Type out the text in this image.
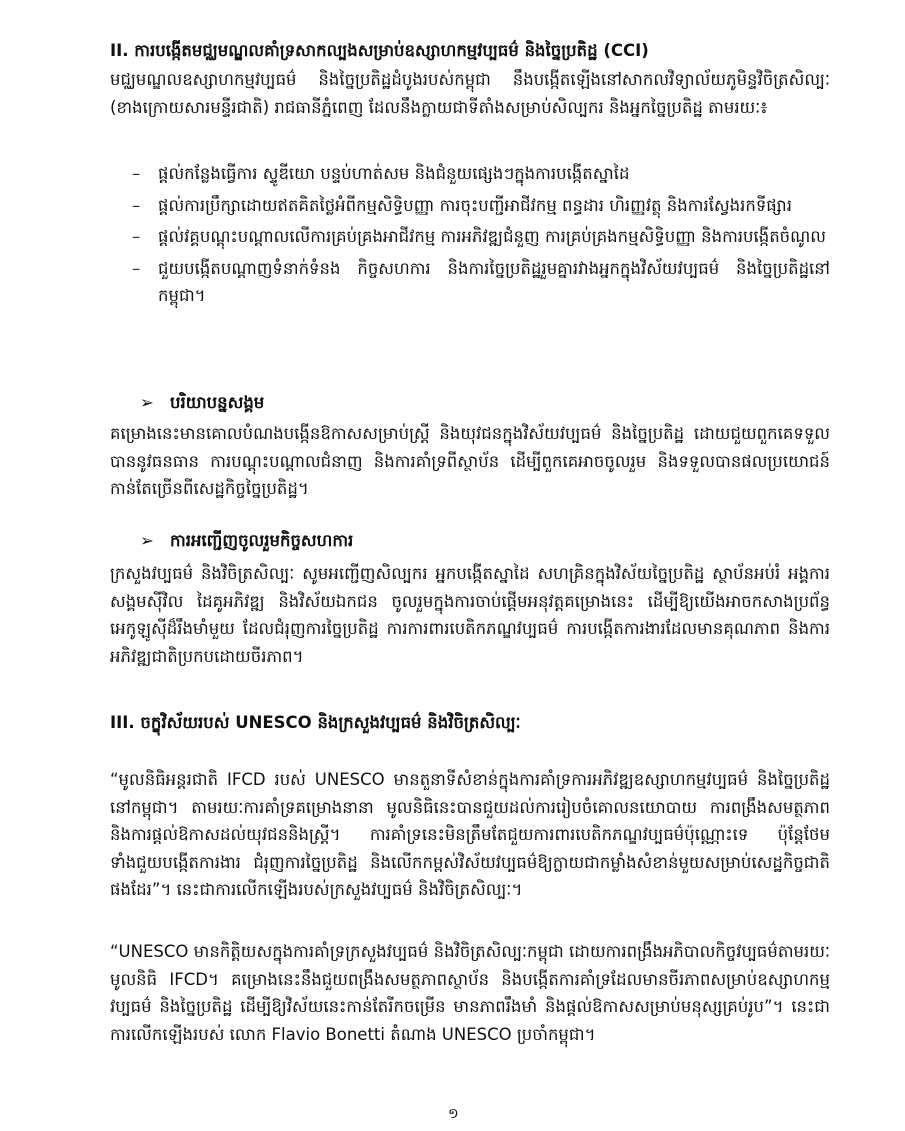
II. ការបង្កើតមជ្ឈមណ្ឌលគាំទ្រសាកល្បងសម្រាប់ឧស្សាហកម្មវប្បធម៌ និងច្នៃប្រតិដ្ឋ (CCI)

មជ្ឈមណ្ឌលឧស្សាហកម្មវប្បធម៌ និងច្នៃប្រតិដ្ឋដំបូងរបស់កម្ពុជា នឹងបង្កើតឡើងនៅសាកលវិទ្យាល័យភូមិន្ទវិចិត្រសិល្បៈ (ខាងក្រោយសារមន្ទីរជាតិ) រាជធានីភ្នំពេញ ដែលនឹងក្លាយជាទីតាំងសម្រាប់សិល្បករ និងអ្នកច្នៃប្រតិដ្ឋ តាមរយៈ៖

– ផ្តល់កន្លែងធ្វើការ ស្ទូឌីយោ បន្ទប់ហាត់សម និងជំនួយផ្សេងៗក្នុងការបង្កើតស្នាដៃ
– ផ្តល់ការប្រឹក្សាដោយឥតគិតថ្លៃអំពីកម្មសិទ្ធិបញ្ញា ការចុះបញ្ជីអាជីវកម្ម ពន្ធដារ ហិរញ្ញវត្ថុ និងការស្វែងរកទីផ្សារ
– ផ្តល់វគ្គបណ្តុះបណ្តាលលើការគ្រប់គ្រងអាជីវកម្ម ការអភិវឌ្ឍជំនួញ ការគ្រប់គ្រងកម្មសិទ្ធិបញ្ញា និងការបង្កើតចំណូល
– ជួយបង្កើតបណ្តាញទំនាក់ទំនង កិច្ចសហការ និងការច្នៃប្រតិដ្ឋរួមគ្នារវាងអ្នកក្នុងវិស័យវប្បធម៌ និងច្នៃប្រតិដ្ឋនៅកម្ពុជា។
➢ បរិយាបន្នសង្គម

គម្រោងនេះមានគោលបំណងបង្កើនឱកាសសម្រាប់ស្ត្រី និងយុវជនក្នុងវិស័យវប្បធម៌ និងច្នៃប្រតិដ្ឋ ដោយជួយពួកគេទទួលបាននូវធនធាន ការបណ្តុះបណ្តាលជំនាញ និងការគាំទ្រពីស្ថាប័ន ដើម្បីពួកគេអាចចូលរួម និងទទួលបានផលប្រយោជន៍កាន់តែច្រើនពីសេដ្ឋកិច្ចច្នៃប្រតិដ្ឋ។

➢ ការអញ្ជើញចូលរួមកិច្ចសហការ

ក្រសួងវប្បធម៌ និងវិចិត្រសិល្បៈ សូមអញ្ជើញសិល្បករ អ្នកបង្កើតស្នាដៃ សហគ្រិនក្នុងវិស័យច្នៃប្រតិដ្ឋ ស្ថាប័នអប់រំ អង្គការសង្គមស៊ីវិល ដៃគូអភិវឌ្ឍ និងវិស័យឯកជន ចូលរួមក្នុងការចាប់ផ្តើមអនុវត្តគម្រោងនេះ ដើម្បីឱ្យយើងអាចកសាងប្រព័ន្ធអេកូឡូស៊ីដ៏រឹងមាំមួយ ដែលជំរុញការច្នៃប្រតិដ្ឋ ការការពារបេតិកភណ្ឌវប្បធម៌ ការបង្កើតការងារដែលមានគុណភាព និងការអភិវឌ្ឍជាតិប្រកបដោយចីរភាព។

III. ចក្ខុវិស័យរបស់ UNESCO និងក្រសួងវប្បធម៌ និងវិចិត្រសិល្បៈ

“មូលនិធិអន្តរជាតិ IFCD របស់ UNESCO មានតួនាទីសំខាន់ក្នុងការគាំទ្រការអភិវឌ្ឍឧស្សាហកម្មវប្បធម៌ និងច្នៃប្រតិដ្ឋនៅកម្ពុជា។ តាមរយៈការគាំទ្រគម្រោងនានា មូលនិធិនេះបានជួយដល់ការរៀបចំគោលនយោបាយ ការពង្រឹងសមត្ថភាព និងការផ្តល់ឱកាសដល់យុវជននិងស្ត្រី។ ការគាំទ្រនេះមិនត្រឹមតែជួយការពារបេតិកភណ្ឌវប្បធម៌ប៉ុណ្ណោះទេ ប៉ុន្តែថែមទាំងជួយបង្កើតការងារ ជំរុញការច្នៃប្រតិដ្ឋ និងលើកកម្ពស់វិស័យវប្បធម៌ឱ្យក្លាយជាកម្លាំងសំខាន់មួយសម្រាប់សេដ្ឋកិច្ចជាតិផងដែរ”។ នេះជាការលើកឡើងរបស់ក្រសួងវប្បធម៌ និងវិចិត្រសិល្បៈ។

“UNESCO មានកិត្តិយសក្នុងការគាំទ្រក្រសួងវប្បធម៌ និងវិចិត្រសិល្បៈកម្ពុជា ដោយការពង្រឹងអភិបាលកិច្ចវប្បធម៌តាមរយៈមូលនិធិ IFCD។ គម្រោងនេះនឹងជួយពង្រឹងសមត្ថភាពស្ថាប័ន និងបង្កើតការគាំទ្រដែលមានចីរភាពសម្រាប់ឧស្សាហកម្មវប្បធម៌ និងច្នៃប្រតិដ្ឋ ដើម្បីឱ្យវិស័យនេះកាន់តែរីកចម្រើន មានភាពរឹងមាំ និងផ្តល់ឱកាសសម្រាប់មនុស្សគ្រប់រូប”។ នេះជាការលើកឡើងរបស់ លោក Flavio Bonetti តំណាង UNESCO ប្រចាំកម្ពុជា។

១
